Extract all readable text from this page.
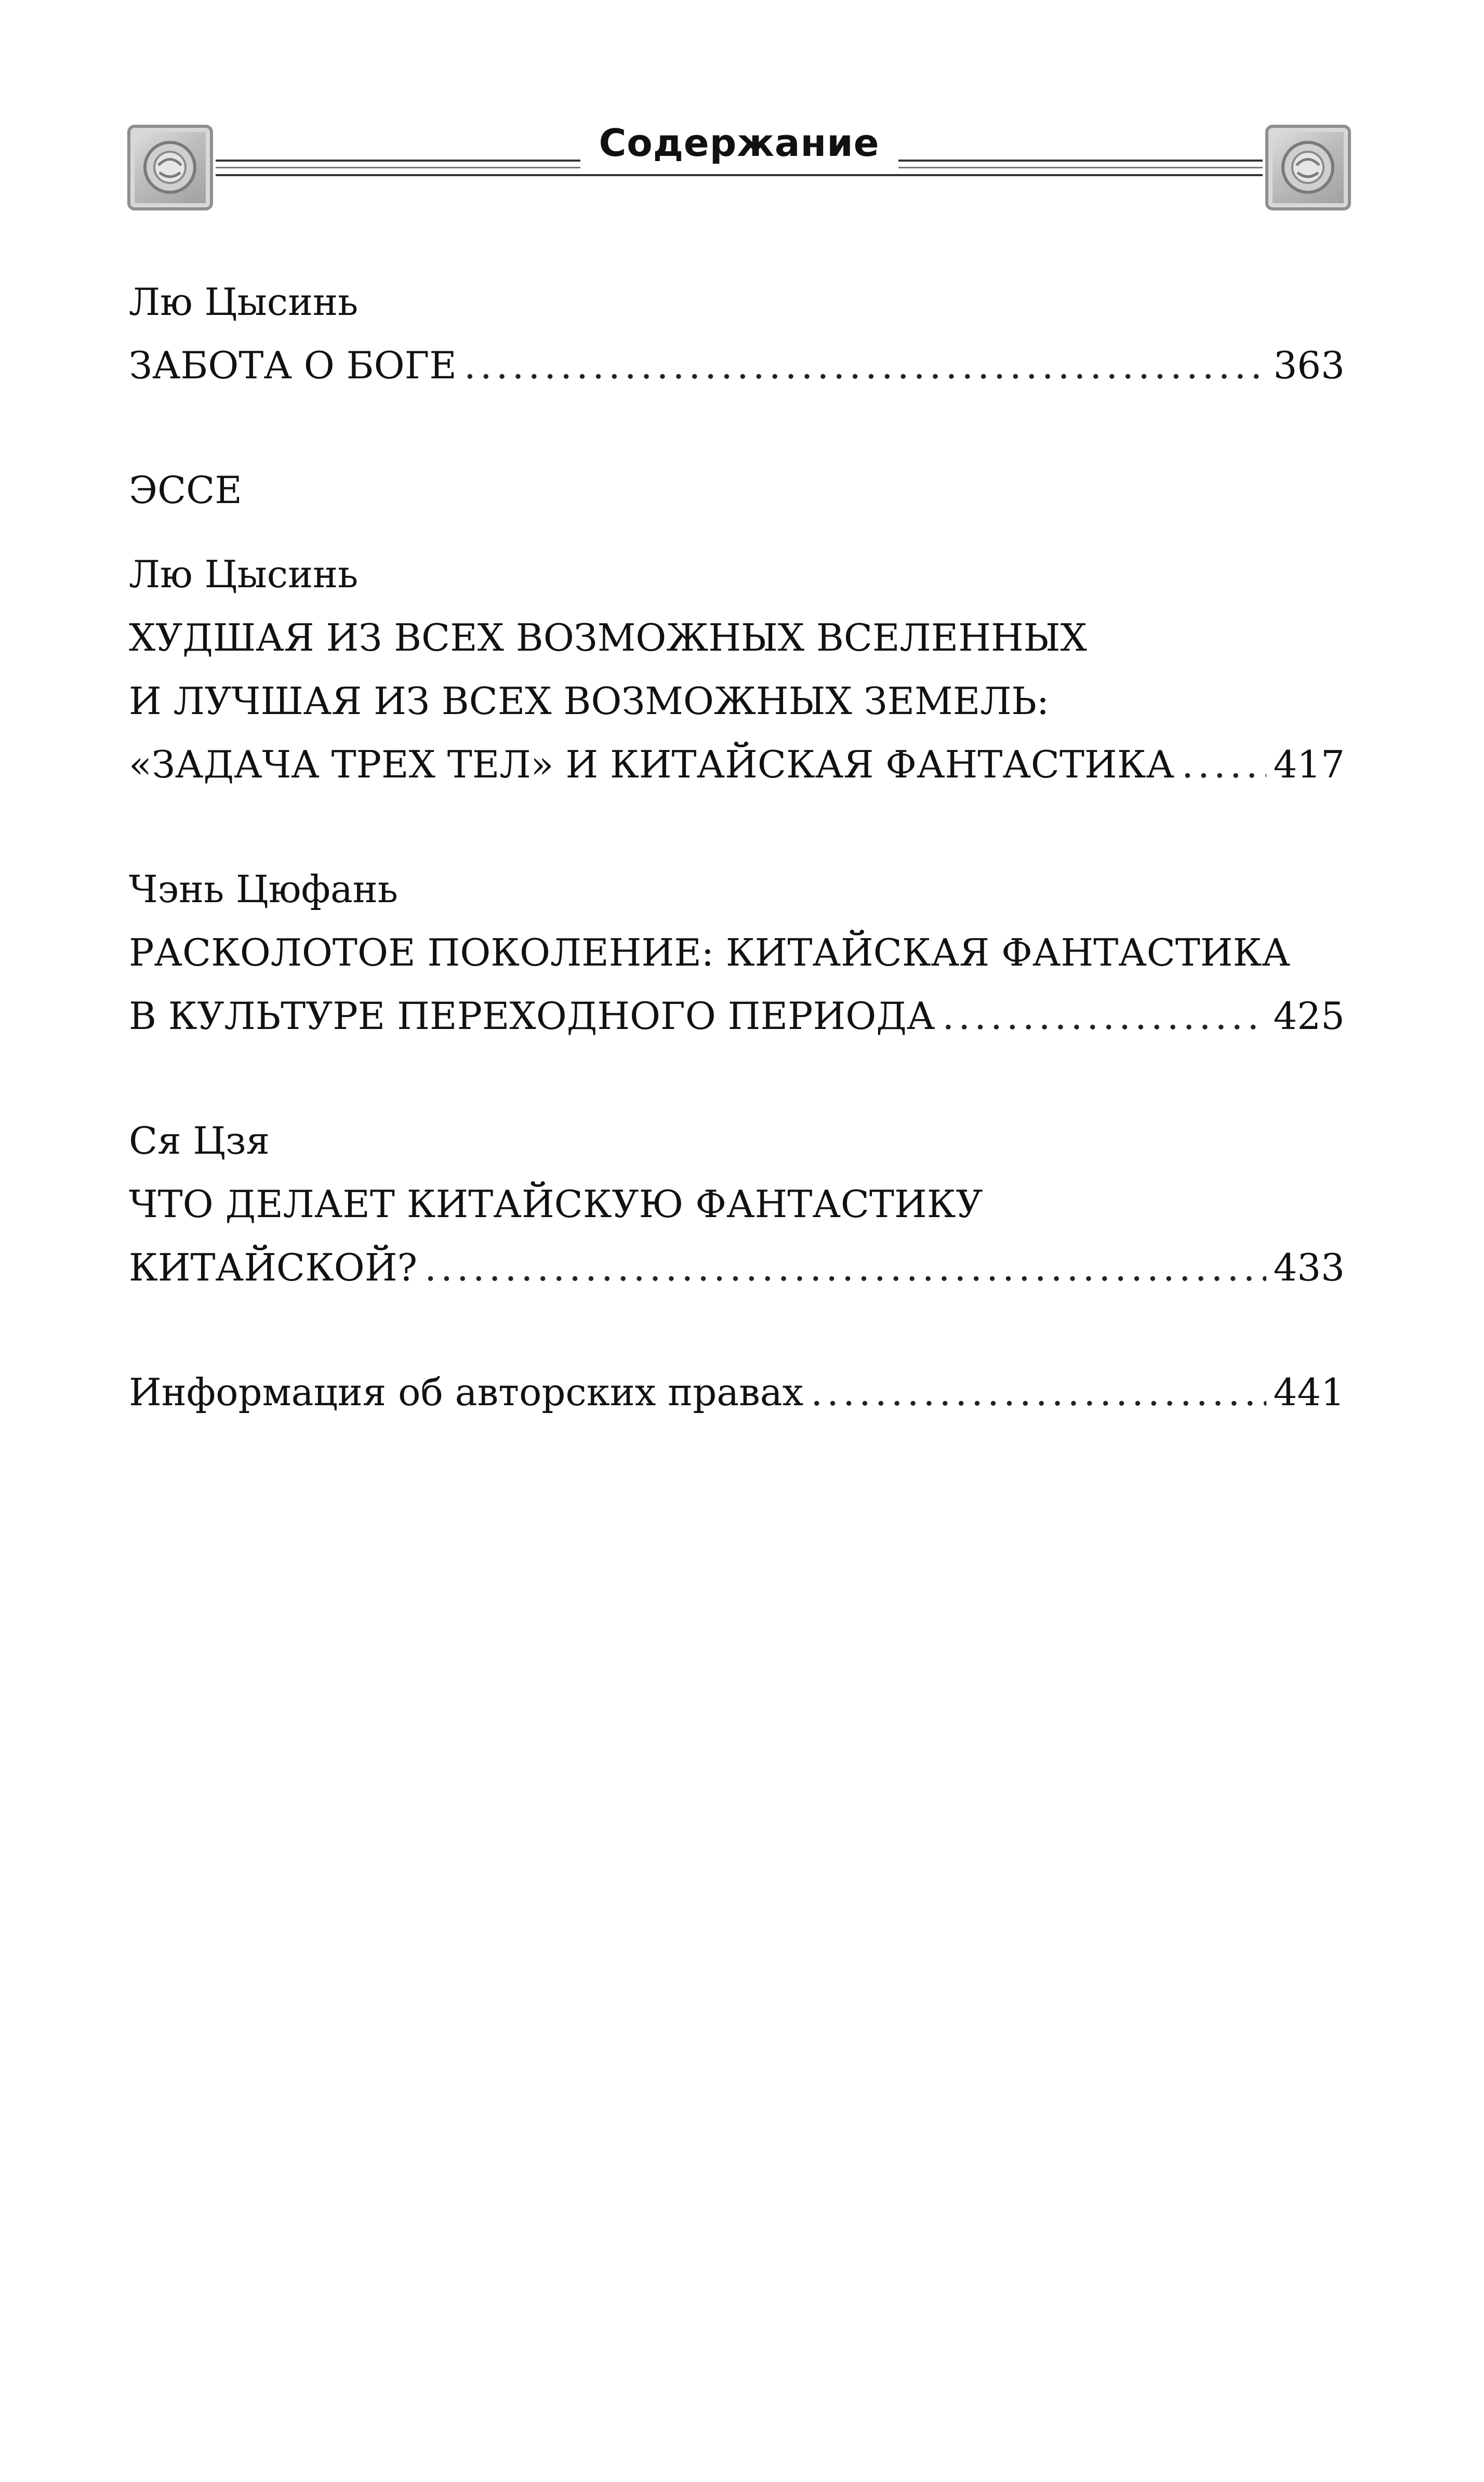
Содержание
Лю Цысинь
ЗАБОТА О БОГЕ .....	363
ЭССЕ
Лю Цысинь
ХУДШАЯ ИЗ ВСЕХ ВОЗМОЖНЫХ ВСЕЛЕННЫХ
И ЛУЧШАЯ ИЗ ВСЕХ ВОЗМОЖНЫХ ЗЕМЕЛЬ:
«ЗАДАЧА ТРЕХ ТЕЛ» И КИТАЙСКАЯ ФАНТАСТИКА .....	417
Чэнь Цюфань
РАСКОЛОТОЕ ПОКОЛЕНИЕ: КИТАЙСКАЯ ФАНТАСТИКА
В КУЛЬТУРЕ ПЕРЕХОДНОГО ПЕРИОДА .....	425
Ся Цзя
ЧТО ДЕЛАЕТ КИТАЙСКУЮ ФАНТАСТИКУ
КИТАЙСКОЙ? .....	433
Информация об авторских правах .....	441
